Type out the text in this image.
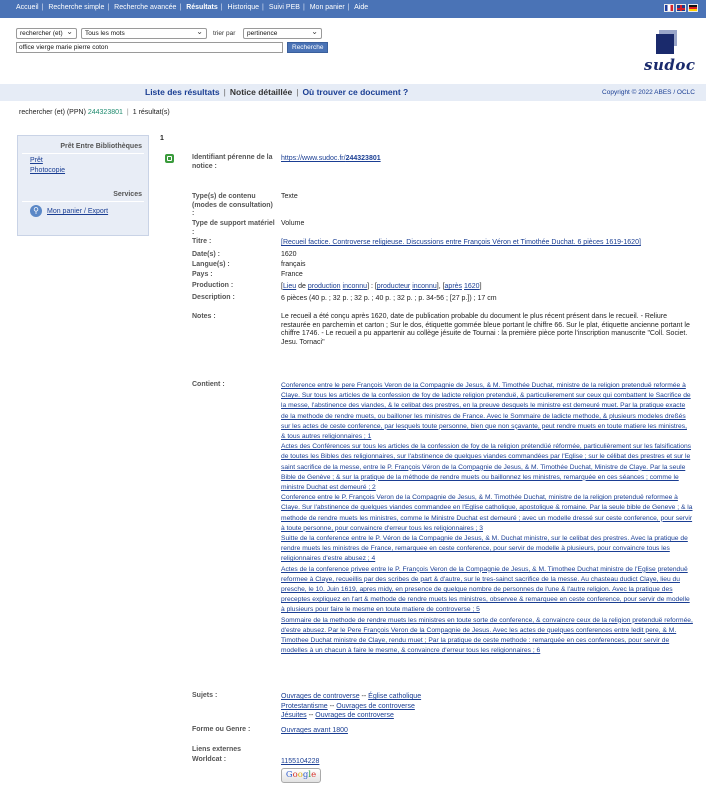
Accueil | Recherche simple | Recherche avancée | Résultats | Historique | Suivi PEB | Mon panier | Aide
rechercher (et) ⌄	Tous les mots ⌄	trier par	pertinence ⌄
office vierge marie pierre coton	Recherche
sudoc
Liste des résultats | Notice détaillée | Où trouver ce document ?	Copyright © 2022 ABES / OCLC
rechercher (et) (PPN) 244323801 | 1 résultat(s)
Prêt Entre Bibliothèques
Prêt
Photocopie
Services
⚲	Mon panier / Export
1
Identifiant pérenne de la notice :
https://www.sudoc.fr/244323801
Type(s) de contenu (modes de consultation) :
Texte
Type de support matériel :
Volume
Titre :	[Recueil factice. Controverse religieuse. Discussions entre François Véron et Timothée Duchat. 6 pièces 1619-1620]
Date(s) :	1620
Langue(s) :	français
Pays :	France
Production :	[Lieu de production inconnu] : [producteur inconnu], [après 1620]
Description :	6 pièces (40 p. ; 32 p. ; 32 p. ; 40 p. ; 32 p. ; p. 34-56 ; [27 p.]) ; 17 cm
Notes :	Le recueil a été conçu après 1620, date de publication probable du document le plus récent présent dans le recueil. - Reliure restaurée en parchemin et carton ; Sur le dos, étiquette gommée bleue portant le chiffre 66. Sur le plat, étiquette ancienne portant le chiffre 1746. - Le recueil a pu appartenir au collège jésuite de Tournai : la première pièce porte l'inscription manuscrite "Coll. Societ. Jesu. Tornaci"
Contient :	Conference entre le pere François Veron de la Compagnie de Jesus, & M. Timothée Duchat, ministre de la religion pretenduë reformée à Claye. Sur tous les articles de la confession de foy de ladicte religion pretenduë, & particulierement sur ceux qui combattent le Sacrifice de la messe, l'abstinence des viandes, & le celibat des prestres, en la preuve desquels le ministre est demeuré muet. Par la pratique exacte de la methode de rendre muets, ou bailloner les ministres de France. Avec le Sommaire de ladicte methode, & plusieurs modeles dreßés sur les actes de ceste conference, par lesquels toute personne, bien que non sçavante, peut rendre muets en toute matiere les ministres, & tous autres religionnaires ; 1

Actes des Conférences sur tous les articles de la confession de foy de la religion prétendüé réformée, particulièrement sur les falsifications de toutes les Bibles des religionnaires, sur l'abstinence de quelques viandes commandées par l'Eglise ; sur le célibat des prestres et sur le saint sacrifice de la messe, entre le P. François Véron de la Compagnie de Jesus, & M. Timothée Duchat, Ministre de Claye. Par la seule Bible de Genève ; & sur la pratique de la méthode de rendre muets ou baillonnez les ministres, remarquée en ces séances ; comme le ministre Duchat est demeuré ; 2

Conference entre le P. François Veron de la Compagnie de Jesus, & M. Timothée Duchat, ministre de la religion pretenduë reformee à Claye. Sur l'abstinence de quelques viandes commandee en l'Eglise catholique, apostolique & romaine. Par la seule bible de Geneve ; & la methode de rendre muets les ministres, comme le Ministre Duchat est demeuré ; avec un modelle dressé sur ceste conference, pour servir à toute personne, pour convaincre d'erreur tous les religionnaires ; 3

Suitte de la conference entre le P. Véron de la Compagnie de Jesus, & M. Duchat ministre, sur le celibat des prestres. Avec la pratique de rendre muets les ministres de France, remarquee en ceste conference, pour servir de modelle à plusieurs, pour convaincre tous les religionnaires d'estre abusez ; 4

Actes de la conference privee entre le P. François Veron de la Compagnie de Jesus, & M. Timothee Duchat ministre de l'Eglise pretenduë reformee à Claye, recueillis par des scribes de part & d'autre, sur le tres-sainct sacrifice de la messe. Au chasteau dudict Claye, lieu du presche, le 10. Juin 1619, apres midy, en presence de quelque nombre de personnes de l'une & l'autre religion. Avec la pratique des preceptes expliquez en l'art & methode de rendre muets les ministres, observee & remarquee en ceste conference, pour servir de modelle à plusieurs pour faire le mesme en toute matiere de controverse ; 5

Sommaire de la methode de rendre muets les ministres en toute sorte de conference, & convaincre ceux de la religion pretenduë reformée, d'estre abusez. Par le Pere François Veron de la Compagnie de Jesus. Avec les actes de quelques conferences entre ledit pere, & M. Timothee Duchat ministre de Claye, rendu muet ; Par la pratique de ceste methode : remarquée en ces conferences, pour servir de modelles à un chacun à faire le mesme, & convaincre d'erreur tous les religionnaires ; 6

Sujets :	Ouvrages de controverse -- Église catholique
Protestantisme -- Ouvrages de controverse
Jésuites -- Ouvrages de controverse
Forme ou Genre :	Ouvrages avant 1800
Liens externes
Worldcat :	1155104228
Google
